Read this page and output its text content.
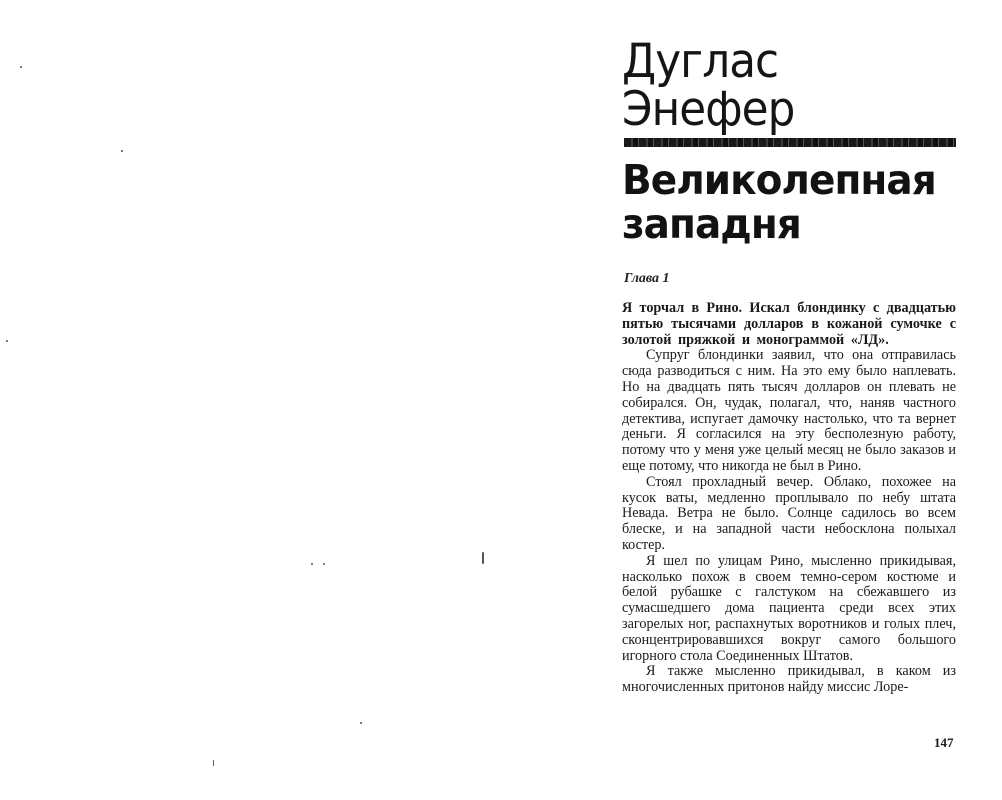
Дуглас
Энефер
Великолепная
западня
Глава 1

Я торчал в Рино. Искал блондинку с двадцатью пятью тысячами долларов в кожаной сумочке с золотой пряжкой и монограммой «ЛД».

Супруг блондинки заявил, что она отправилась сюда разводиться с ним. На это ему было наплевать. Но на двадцать пять тысяч долларов он плевать не собирался. Он, чудак, полагал, что, наняв частного детектива, испугает дамочку настолько, что та вернет деньги. Я согласился на эту бесполезную работу, потому что у меня уже целый месяц не было заказов и еще потому, что никогда не был в Рино.

Стоял прохладный вечер. Облако, похожее на кусок ваты, медленно проплывало по небу штата Невада. Ветра не было. Солнце садилось во всем блеске, и на западной части небосклона полыхал костер.

Я шел по улицам Рино, мысленно прикидывая, насколько похож в своем темно-сером костюме и белой рубашке с галстуком на сбежавшего из сумасшедшего дома пациента среди всех этих загорелых ног, распахнутых воротников и голых плеч, сконцентрировавшихся вокруг самого большого игорного стола Соединенных Штатов.

Я также мысленно прикидывал, в каком из многочисленных притонов найду миссис Лоре-

147
